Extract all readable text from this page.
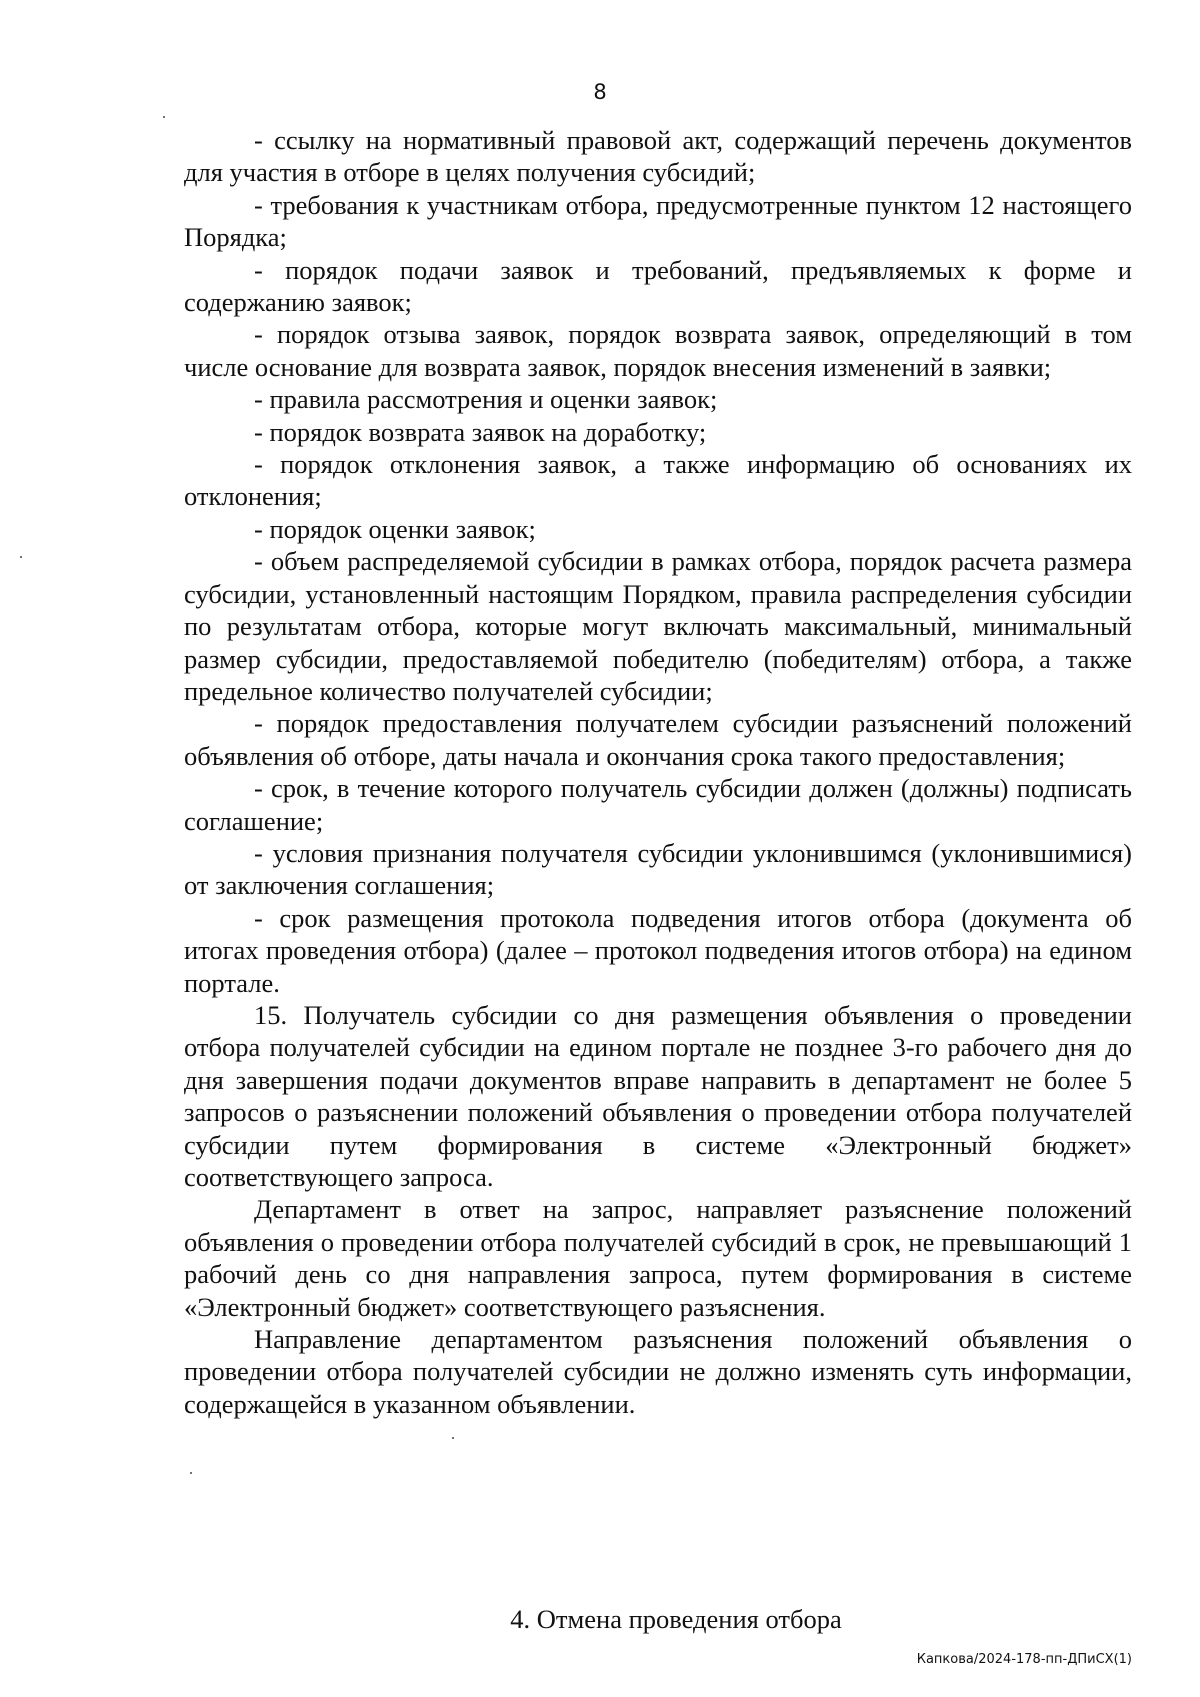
8

- ссылку на нормативный правовой акт, содержащий перечень документов для участия в отборе в целях получения субсидий;

- требования к участникам отбора, предусмотренные пунктом 12 настоящего Порядка;

- порядок подачи заявок и требований, предъявляемых к форме и содержанию заявок;

- порядок отзыва заявок, порядок возврата заявок, определяющий в том числе основание для возврата заявок, порядок внесения изменений в заявки;

- правила рассмотрения и оценки заявок;

- порядок возврата заявок на доработку;

- порядок отклонения заявок, а также информацию об основаниях их отклонения;

- порядок оценки заявок;

- объем распределяемой субсидии в рамках отбора, порядок расчета размера субсидии, установленный настоящим Порядком, правила распределения субсидии по результатам отбора, которые могут включать максимальный, минимальный размер субсидии, предоставляемой победителю (победителям) отбора, а также предельное количество получателей субсидии;

- порядок предоставления получателем субсидии разъяснений положений объявления об отборе, даты начала и окончания срока такого предоставления;

- срок, в течение которого получатель субсидии должен (должны) подписать соглашение;

- условия признания получателя субсидии уклонившимся (уклонившимися) от заключения соглашения;

- срок размещения протокола подведения итогов отбора (документа об итогах проведения отбора) (далее – протокол подведения итогов отбора) на едином портале.

15. Получатель субсидии со дня размещения объявления о проведении отбора получателей субсидии на едином портале не позднее 3-го рабочего дня до дня завершения подачи документов вправе направить в департамент не более 5 запросов о разъяснении положений объявления о проведении отбора получателей субсидии путем формирования в системе «Электронный бюджет» соответствующего запроса.

Департамент в ответ на запрос, направляет разъяснение положений объявления о проведении отбора получателей субсидий в срок, не превышающий 1 рабочий день со дня направления запроса, путем формирования в системе «Электронный бюджет» соответствующего разъяснения.

Направление департаментом разъяснения положений объявления о проведении отбора получателей субсидии не должно изменять суть информации, содержащейся в указанном объявлении.

4. Отмена проведения отбора
Капкова/2024-178-пп-ДПиСХ(1)
